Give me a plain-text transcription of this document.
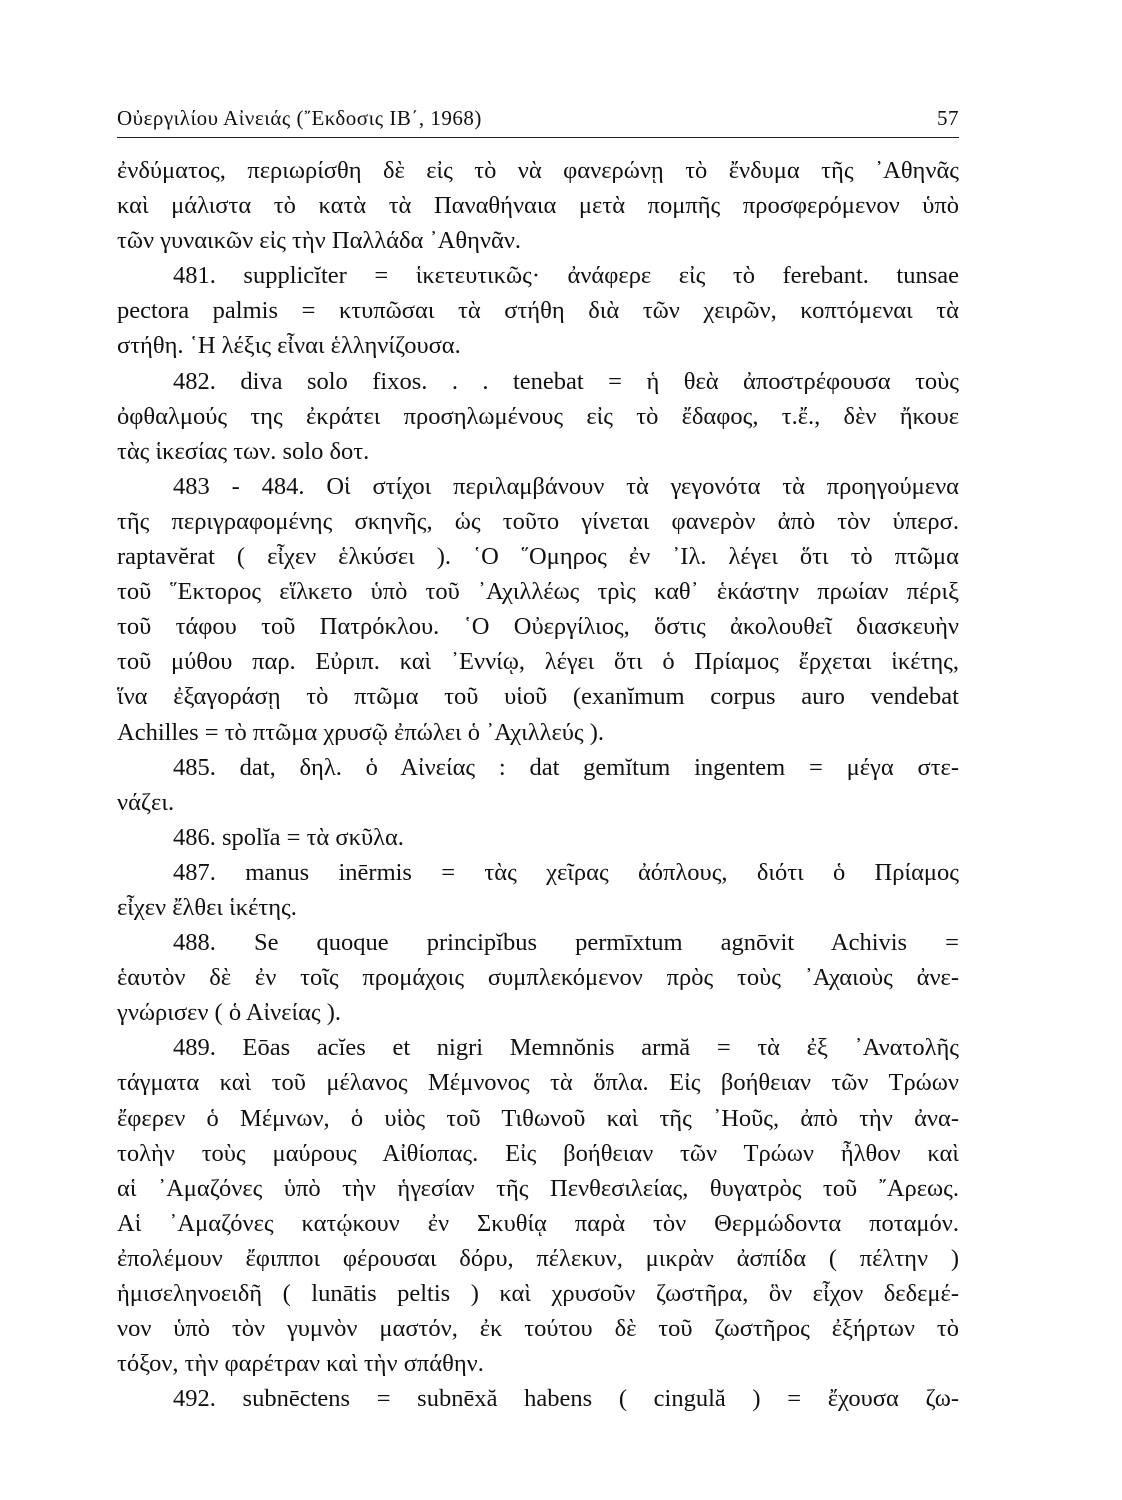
Οὐεργιλίου Αἰνειάς (῎Εκδοσις ΙΒ΄, 1968)	57
ἐνδύματος, περιωρίσθη δὲ εἰς τὸ νὰ φανερώνῃ τὸ ἔνδυμα τῆς ᾿Αθηνᾶς
καὶ μάλιστα τὸ κατὰ τὰ Παναθήναια μετὰ πομπῆς προσφερόμενον ὑπὸ
τῶν γυναικῶν εἰς τὴν Παλλάδα ᾿Αθηνᾶν.
481. supplicĭter = ἱκετευτικῶς· ἀνάφερε εἰς τὸ ferebant. tunsae
pectora palmis = κτυπῶσαι τὰ στήθη διὰ τῶν χειρῶν, κοπτόμεναι τὰ
στήθη. ῾Η λέξις εἶναι ἑλληνίζουσα.
482. diva solo fixos. . . tenebat = ἡ θεὰ ἀποστρέφουσα τοὺς
ὀφθαλμούς της ἐκράτει προσηλωμένους εἰς τὸ ἔδαφος, τ.ἔ., δὲν ἤκουε
τὰς ἱκεσίας των. solo δοτ.
483 - 484. Οἱ στίχοι περιλαμβάνουν τὰ γεγονότα τὰ προηγούμενα
τῆς περιγραφομένης σκηνῆς, ὡς τοῦτο γίνεται φανερὸν ἀπὸ τὸν ὑπερσ.
raptavĕrat ( εἶχεν ἑλκύσει ). ῾Ο ῞Ομηρος ἐν ᾿Ιλ. λέγει ὅτι τὸ πτῶμα
τοῦ ῞Εκτορος εἵλκετο ὑπὸ τοῦ ᾿Αχιλλέως τρὶς καθ᾿ ἑκάστην πρωίαν πέριξ
τοῦ τάφου τοῦ Πατρόκλου. ῾Ο Οὐεργίλιος, ὅστις ἀκολουθεῖ διασκευὴν
τοῦ μύθου παρ. Εὐριπ. καὶ ᾿Εννίῳ, λέγει ὅτι ὁ Πρίαμος ἔρχεται ἱκέτης,
ἵνα ἐξαγοράσῃ τὸ πτῶμα τοῦ υἱοῦ (exanĭmum corpus auro vendebat
Achilles = τὸ πτῶμα χρυσῷ ἐπώλει ὁ ᾿Αχιλλεύς ).
485. dat, δηλ. ὁ Αἰνείας : dat gemĭtum ingentem = μέγα στε-
νάζει.
486. spolĭa = τὰ σκῦλα.
487. manus inērmis = τὰς χεῖρας ἀόπλους, διότι ὁ Πρίαμος
εἶχεν ἔλθει ἱκέτης.
488. Se quoque principĭbus permīxtum agnōvit Achivis =
ἑαυτὸν δὲ ἐν τοῖς προμάχοις συμπλεκόμενον πρὸς τοὺς ᾿Αχαιοὺς ἀνε-
γνώρισεν ( ὁ Αἰνείας ).
489. Eōas acĭes et nigri Memnŏnis armă = τὰ ἐξ ᾿Ανατολῆς
τάγματα καὶ τοῦ μέλανος Μέμνονος τὰ ὅπλα. Εἰς βοήθειαν τῶν Τρώων
ἔφερεν ὁ Μέμνων, ὁ υἱὸς τοῦ Τιθωνοῦ καὶ τῆς ᾿Ηοῦς, ἀπὸ τὴν ἀνα-
τολὴν τοὺς μαύρους Αἰθίοπας. Εἰς βοήθειαν τῶν Τρώων ἦλθον καὶ
αἱ ᾿Αμαζόνες ὑπὸ τὴν ἡγεσίαν τῆς Πενθεσιλείας, θυγατρὸς τοῦ ῎Αρεως.
Αἱ ᾿Αμαζόνες κατῴκουν ἐν Σκυθίᾳ παρὰ τὸν Θερμώδοντα ποταμόν.
ἐπολέμουν ἔφιπποι φέρουσαι δόρυ, πέλεκυν, μικρὰν ἀσπίδα ( πέλτην )
ἡμισεληνοειδῆ ( lunātis peltis ) καὶ χρυσοῦν ζωστῆρα, ὃν εἶχον δεδεμέ-
νον ὑπὸ τὸν γυμνὸν μαστόν, ἐκ τούτου δὲ τοῦ ζωστῆρος ἐξήρτων τὸ
τόξον, τὴν φαρέτραν καὶ τὴν σπάθην.
492. subnēctens = subnēxă habens ( cingulă ) = ἔχουσα ζω-
